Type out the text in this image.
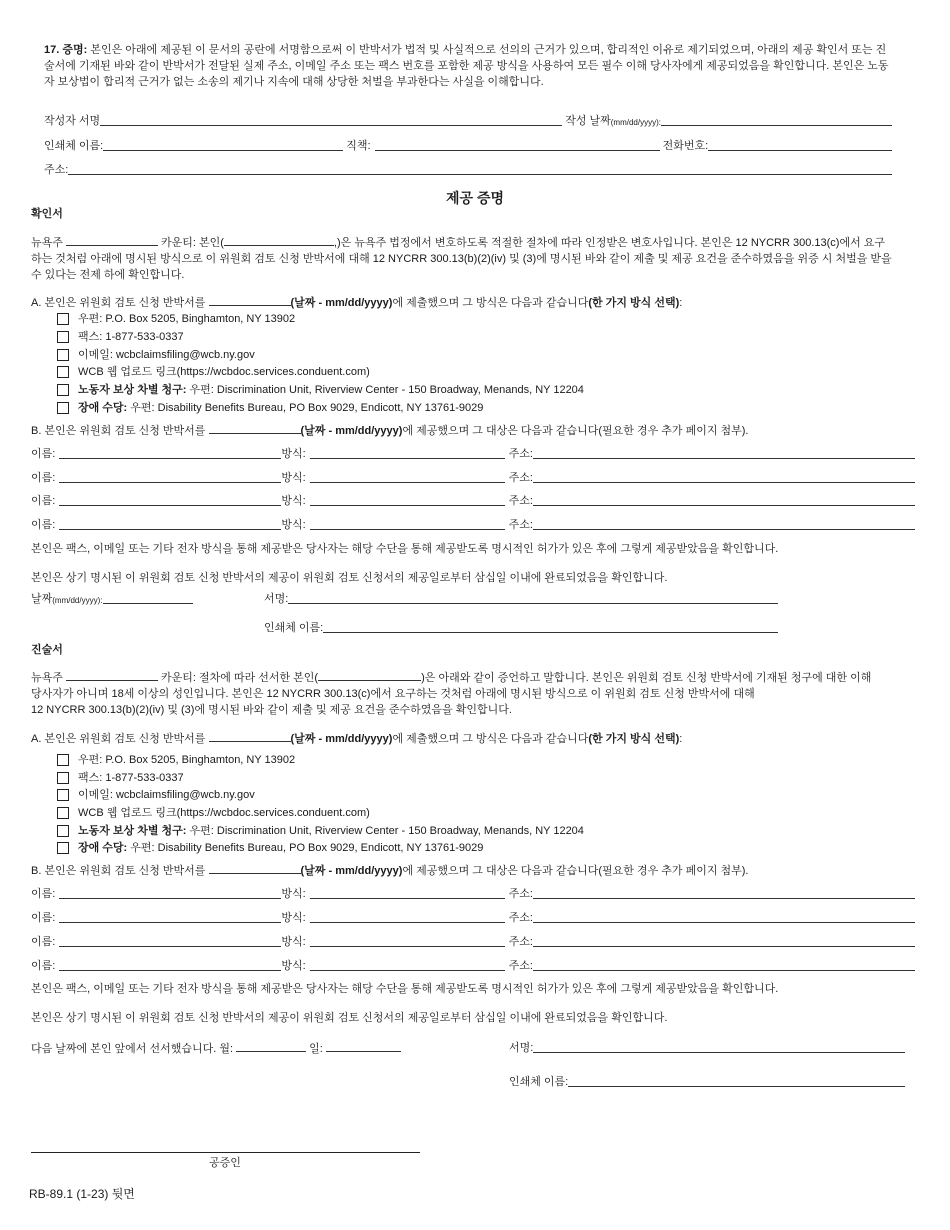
17. 증명: 본인은 아래에 제공된 이 문서의 공란에 서명함으로써 이 반박서가 법적 및 사실적으로 선의의 근거가 있으며, 합리적인 이유로 제기되었으며, 아래의 제공 확인서 또는 진술서에 기재된 바와 같이 반박서가 전달된 실제 주소, 이메일 주소 또는 팩스 번호를 포함한 제공 방식을 사용하여 모든 필수 이해 당사자에게 제공되었음을 확인합니다. 본인은 노동자 보상법이 합리적 근거가 없는 소송의 제기나 지속에 대해 상당한 처벌을 부과한다는 사실을 이해합니다.
작성자 서명	작성 날짜 (mm/dd/yyyy):
인쇄체 이름:	직책:	전화번호:
주소:
제공 증명
확인서
뉴욕주	카운티: 본인(	,)은 뉴욕주 법정에서 변호하도록 적절한 절차에 따라 인정받은 변호사입니다. 본인은 12 NYCRR 300.13(c)에서 요구하는 것처럼 아래에 명시된 방식으로 이 위원회 검토 신청 반박서에 대해 12 NYCRR 300.13(b)(2)(iv) 및 (3)에 명시된 바와 같이 제출 및 제공 요건을 준수하였음을 위증 시 처벌을 받을 수 있다는 전제 하에 확인합니다.
A. 본인은 위원회 검토 신청 반박서를	(날짜 - mm/dd/yyyy)에 제출했으며 그 방식은 다음과 같습니다(한 가지 방식 선택):
우편: P.O. Box 5205, Binghamton, NY 13902
팩스: 1-877-533-0337
이메일: wcbclaimsfiling@wcb.ny.gov
WCB 웹 업로드 링크(https://wcbdoc.services.conduent.com)
노동자 보상 차별 청구: 우편: Discrimination Unit, Riverview Center - 150 Broadway, Menands, NY 12204
장애 수당: 우편: Disability Benefits Bureau, PO Box 9029, Endicott, NY 13761-9029
B. 본인은 위원회 검토 신청 반박서를	(날짜 - mm/dd/yyyy)에 제공했으며 그 대상은 다음과 같습니다(필요한 경우 추가 페이지 첨부).
이름:	방식:	주소:
이름:	방식:	주소:
이름:	방식:	주소:
이름:	방식:	주소:
본인은 팩스, 이메일 또는 기타 전자 방식을 통해 제공받은 당사자는 해당 수단을 통해 제공받도록 명시적인 허가가 있은 후에 그렇게 제공받았음을 확인합니다.
본인은 상기 명시된 이 위원회 검토 신청 반박서의 제공이 위원회 검토 신청서의 제공일로부터 삼십일 이내에 완료되었음을 확인합니다.
날짜 (mm/dd/yyyy):	서명:
인쇄체 이름:
진술서
뉴욕주	카운티: 절차에 따라 선서한 본인(	)은 아래와 같이 증언하고 말합니다. 본인은 위원회 검토 신청 반박서에 기재된 청구에 대한 이해 당사자가 아니며 18세 이상의 성인입니다. 본인은 12 NYCRR 300.13(c)에서 요구하는 것처럼 아래에 명시된 방식으로 이 위원회 검토 신청 반박서에 대해
12 NYCRR 300.13(b)(2)(iv) 및 (3)에 명시된 바와 같이 제출 및 제공 요건을 준수하였음을 확인합니다.
A. 본인은 위원회 검토 신청 반박서를	(날짜 - mm/dd/yyyy)에 제출했으며 그 방식은 다음과 같습니다(한 가지 방식 선택):
우편: P.O. Box 5205, Binghamton, NY 13902
팩스: 1-877-533-0337
이메일: wcbclaimsfiling@wcb.ny.gov
WCB 웹 업로드 링크(https://wcbdoc.services.conduent.com)
노동자 보상 차별 청구: 우편: Discrimination Unit, Riverview Center - 150 Broadway, Menands, NY 12204
장애 수당: 우편: Disability Benefits Bureau, PO Box 9029, Endicott, NY 13761-9029
B. 본인은 위원회 검토 신청 반박서를	(날짜 - mm/dd/yyyy)에 제공했으며 그 대상은 다음과 같습니다(필요한 경우 추가 페이지 첨부).
이름:	방식:	주소:
이름:	방식:	주소:
이름:	방식:	주소:
이름:	방식:	주소:
본인은 팩스, 이메일 또는 기타 전자 방식을 통해 제공받은 당사자는 해당 수단을 통해 제공받도록 명시적인 허가가 있은 후에 그렇게 제공받았음을 확인합니다.
본인은 상기 명시된 이 위원회 검토 신청 반박서의 제공이 위원회 검토 신청서의 제공일로부터 삼십일 이내에 완료되었음을 확인합니다.
다음 날짜에 본인 앞에서 선서했습니다. 월:	일:	서명:
인쇄체 이름:
공증인
RB-89.1 (1-23) 뒷면
